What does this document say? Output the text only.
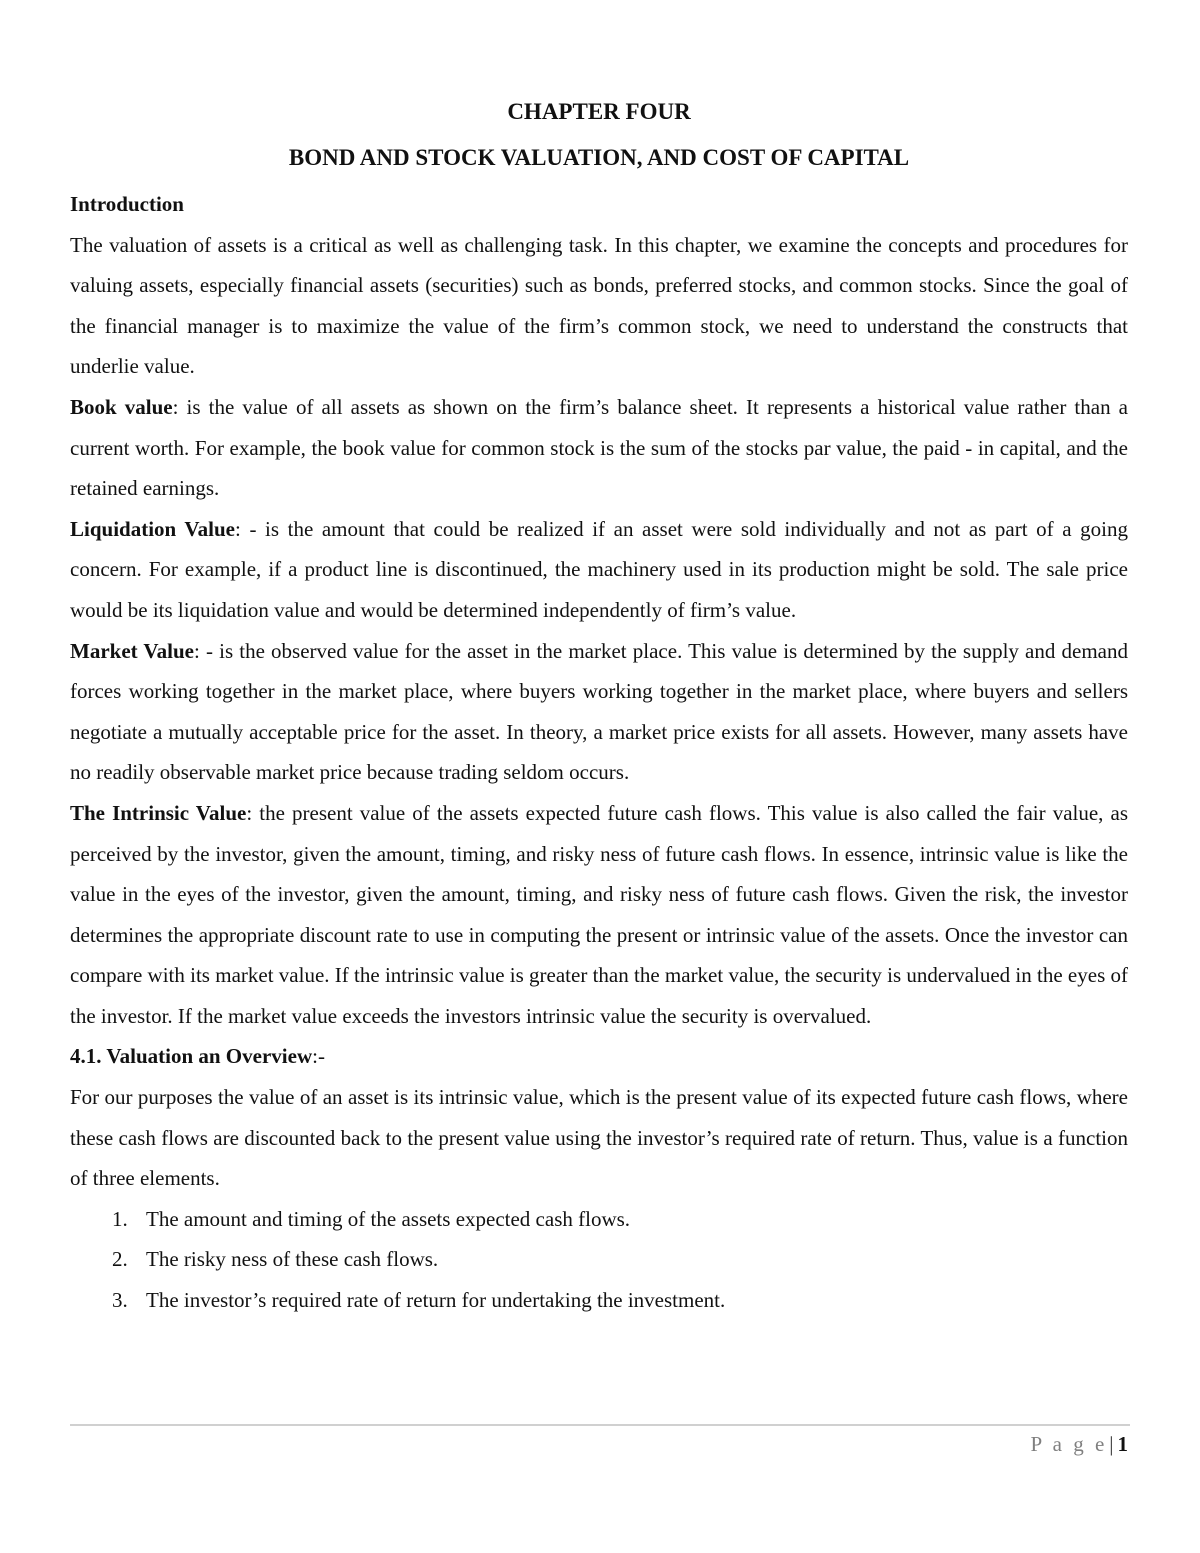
CHAPTER FOUR
BOND AND STOCK VALUATION, AND COST OF CAPITAL
Introduction

The valuation of assets is a critical as well as challenging task. In this chapter, we examine the concepts and procedures for valuing assets, especially financial assets (securities) such as bonds, preferred stocks, and common stocks. Since the goal of the financial manager is to maximize the value of the firm’s common stock, we need to understand the constructs that underlie value.

Book value: is the value of all assets as shown on the firm’s balance sheet. It represents a historical value rather than a current worth. For example, the book value for common stock is the sum of the stocks par value, the paid - in capital, and the retained earnings.

Liquidation Value: - is the amount that could be realized if an asset were sold individually and not as part of a going concern. For example, if a product line is discontinued, the machinery used in its production might be sold. The sale price would be its liquidation value and would be determined independently of firm’s value.

Market Value: - is the observed value for the asset in the market place. This value is determined by the supply and demand forces working together in the market place, where buyers working together in the market place, where buyers and sellers negotiate a mutually acceptable price for the asset. In theory, a market price exists for all assets. However, many assets have no readily observable market price because trading seldom occurs.

The Intrinsic Value: the present value of the assets expected future cash flows. This value is also called the fair value, as perceived by the investor, given the amount, timing, and risky ness of future cash flows. In essence, intrinsic value is like the value in the eyes of the investor, given the amount, timing, and risky ness of future cash flows. Given the risk, the investor determines the appropriate discount rate to use in computing the present or intrinsic value of the assets. Once the investor can compare with its market value. If the intrinsic value is greater than the market value, the security is undervalued in the eyes of the investor. If the market value exceeds the investors intrinsic value the security is overvalued.

4.1. Valuation an Overview:-

For our purposes the value of an asset is its intrinsic value, which is the present value of its expected future cash flows, where these cash flows are discounted back to the present value using the investor’s required rate of return. Thus, value is a function of three elements.

1. The amount and timing of the assets expected cash flows.
2. The risky ness of these cash flows.
3. The investor’s required rate of return for undertaking the investment.
P a g e| 1
